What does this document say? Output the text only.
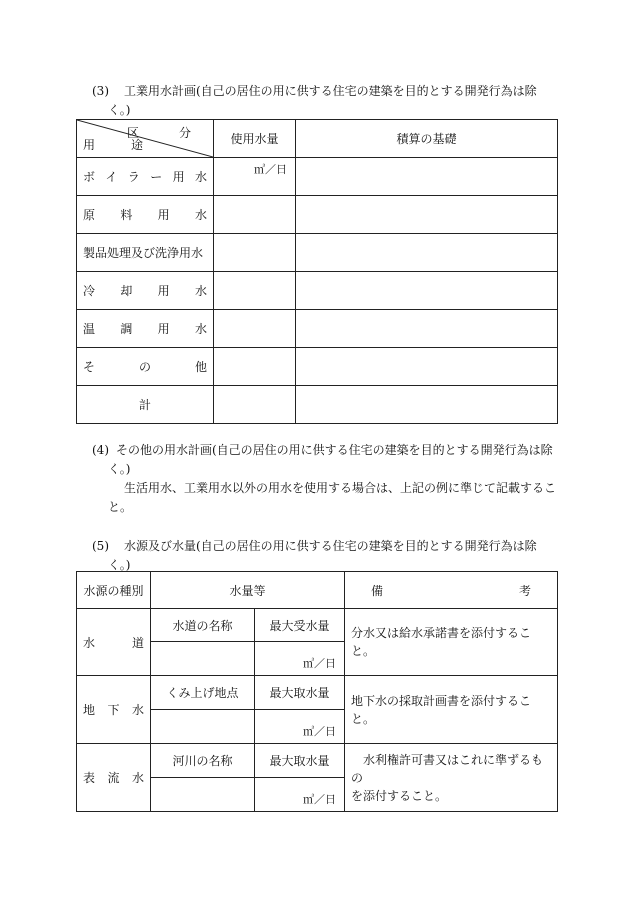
(3) 工業用水計画(自己の居住の用に供する住宅の建築を目的とする開発行為は除
く。)
区　分
用　途	使用水量	積算の基礎
ボイラー用水	㎥／日	

原料用水		
製品処理及び洗浄用水		
冷却用水		
温調用水		
その他		
計		
(4) その他の用水計画(自己の居住の用に供する住宅の建築を目的とする開発行為は除
く。)
生活用水、工業用水以外の用水を使用する場合は、上記の例に準じて記載するこ
と。
(5) 水源及び水量(自己の居住の用に供する住宅の建築を目的とする開発行為は除
く。)
水源の種別	水量等		備 考

水道	水道の名称	最大受水量	分水又は給水承諾書を添付すること。

		㎥／日	

地下水	くみ上げ地点	最大取水量	地下水の採取計画書を添付すること。

		㎥／日	

表流水	河川の名称	最大取水量	　水利権許可書又はこれに準ずるもの
を添付すること。

		㎥／日	
